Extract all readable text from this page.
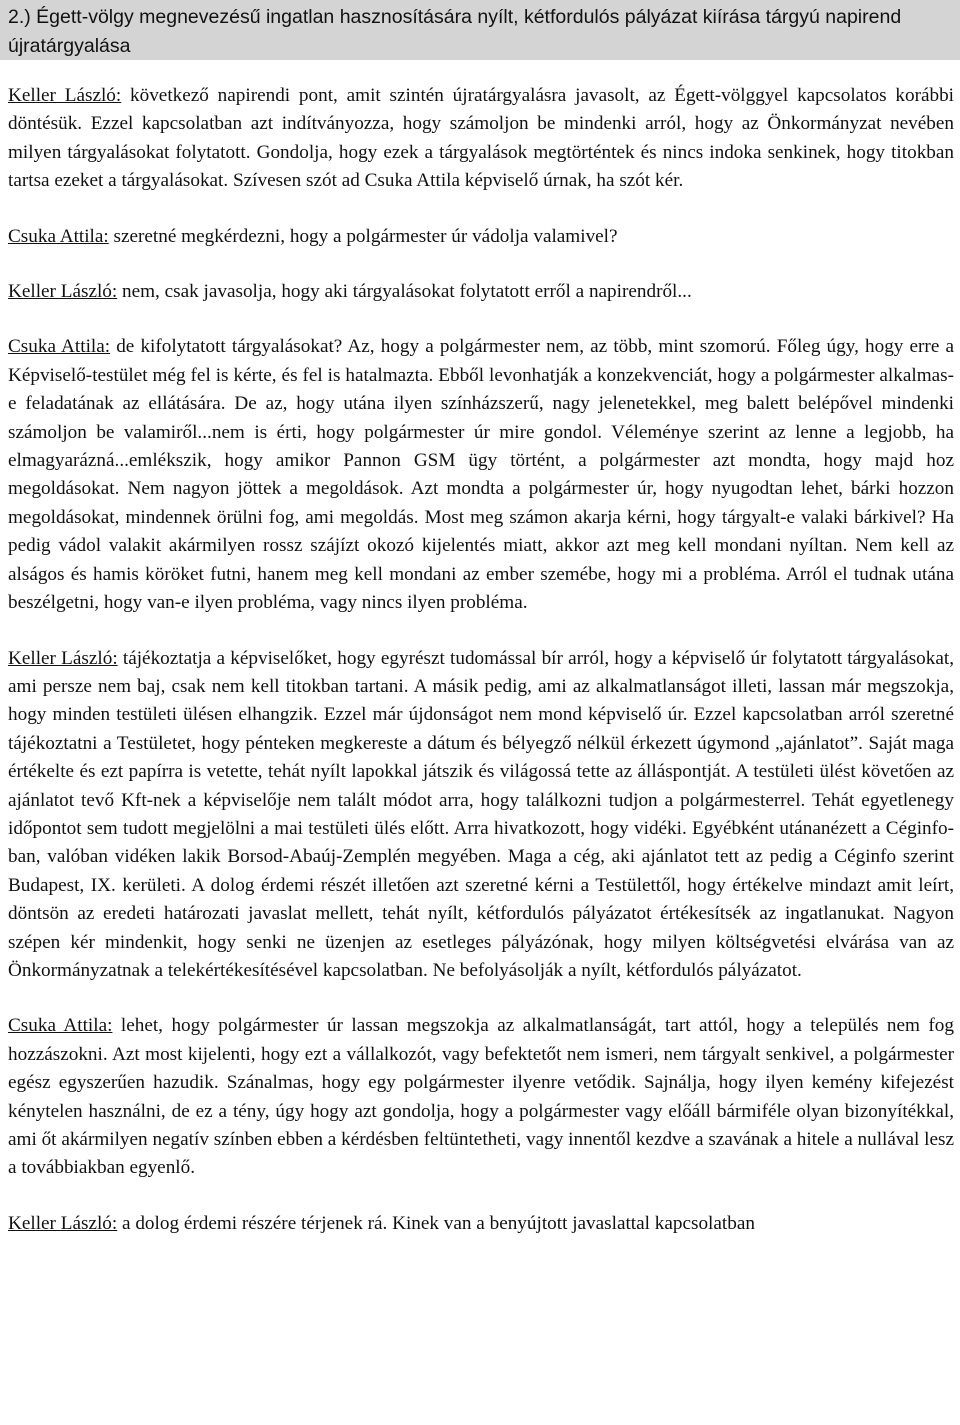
2.) Égett-völgy megnevezésű ingatlan hasznosítására nyílt, kétfordulós pályázat kiírása tárgyú napirend újratárgyalása

Keller László: következő napirendi pont, amit szintén újratárgyalásra javasolt, az Égett-völggyel kapcsolatos korábbi döntésük. Ezzel kapcsolatban azt indítványozza, hogy számoljon be mindenki arról, hogy az Önkormányzat nevében milyen tárgyalásokat folytatott. Gondolja, hogy ezek a tárgyalások megtörténtek és nincs indoka senkinek, hogy titokban tartsa ezeket a tárgyalásokat. Szívesen szót ad Csuka Attila képviselő úrnak, ha szót kér.

Csuka Attila: szeretné megkérdezni, hogy a polgármester úr vádolja valamivel?

Keller László: nem, csak javasolja, hogy aki tárgyalásokat folytatott erről a napirendről...

Csuka Attila: de kifolytatott tárgyalásokat? Az, hogy a polgármester nem, az több, mint szomorú. Főleg úgy, hogy erre a Képviselő-testület még fel is kérte, és fel is hatalmazta. Ebből levonhatják a konzekvenciát, hogy a polgármester alkalmas-e feladatának az ellátására. De az, hogy utána ilyen színházszerű, nagy jelenetekkel, meg balett belépővel mindenki számoljon be valamiről...nem is érti, hogy polgármester úr mire gondol. Véleménye szerint az lenne a legjobb, ha elmagyarázná...emlékszik, hogy amikor Pannon GSM ügy történt, a polgármester azt mondta, hogy majd hoz megoldásokat. Nem nagyon jöttek a megoldások. Azt mondta a polgármester úr, hogy nyugodtan lehet, bárki hozzon megoldásokat, mindennek örülni fog, ami megoldás. Most meg számon akarja kérni, hogy tárgyalt-e valaki bárkivel? Ha pedig vádol valakit akármilyen rossz szájízt okozó kijelentés miatt, akkor azt meg kell mondani nyíltan. Nem kell az alságos és hamis köröket futni, hanem meg kell mondani az ember szemébe, hogy mi a probléma. Arról el tudnak utána beszélgetni, hogy van-e ilyen probléma, vagy nincs ilyen probléma.

Keller László: tájékoztatja a képviselőket, hogy egyrészt tudomással bír arról, hogy a képviselő úr folytatott tárgyalásokat, ami persze nem baj, csak nem kell titokban tartani. A másik pedig, ami az alkalmatlanságot illeti, lassan már megszokja, hogy minden testületi ülésen elhangzik. Ezzel már újdonságot nem mond képviselő úr. Ezzel kapcsolatban arról szeretné tájékoztatni a Testületet, hogy pénteken megkereste a dátum és bélyegző nélkül érkezett úgymond „ajánlatot”. Saját maga értékelte és ezt papírra is vetette, tehát nyílt lapokkal játszik és világossá tette az álláspontját. A testületi ülést követően az ajánlatot tevő Kft-nek a képviselője nem talált módot arra, hogy találkozni tudjon a polgármesterrel. Tehát egyetlenegy időpontot sem tudott megjelölni a mai testületi ülés előtt. Arra hivatkozott, hogy vidéki. Egyébként utánanézett a Céginfo-ban, valóban vidéken lakik Borsod-Abaúj-Zemplén megyében. Maga a cég, aki ajánlatot tett az pedig a Céginfo szerint Budapest, IX. kerületi. A dolog érdemi részét illetően azt szeretné kérni a Testülettől, hogy értékelve mindazt amit leírt, döntsön az eredeti határozati javaslat mellett, tehát nyílt, kétfordulós pályázatot értékesítsék az ingatlanukat. Nagyon szépen kér mindenkit, hogy senki ne üzenjen az esetleges pályázónak, hogy milyen költségvetési elvárása van az Önkormányzatnak a telekértékesítésével kapcsolatban. Ne befolyásolják a nyílt, kétfordulós pályázatot.

Csuka Attila: lehet, hogy polgármester úr lassan megszokja az alkalmatlanságát, tart attól, hogy a település nem fog hozzászokni. Azt most kijelenti, hogy ezt a vállalkozót, vagy befektetőt nem ismeri, nem tárgyalt senkivel, a polgármester egész egyszerűen hazudik. Szánalmas, hogy egy polgármester ilyenre vetődik. Sajnálja, hogy ilyen kemény kifejezést kénytelen használni, de ez a tény, úgy hogy azt gondolja, hogy a polgármester vagy előáll bármiféle olyan bizonyítékkal, ami őt akármilyen negatív színben ebben a kérdésben feltüntetheti, vagy innentől kezdve a szavának a hitele a nullával lesz a továbbiakban egyenlő.

Keller László: a dolog érdemi részére térjenek rá. Kinek van a benyújtott javaslattal kapcsolatban
